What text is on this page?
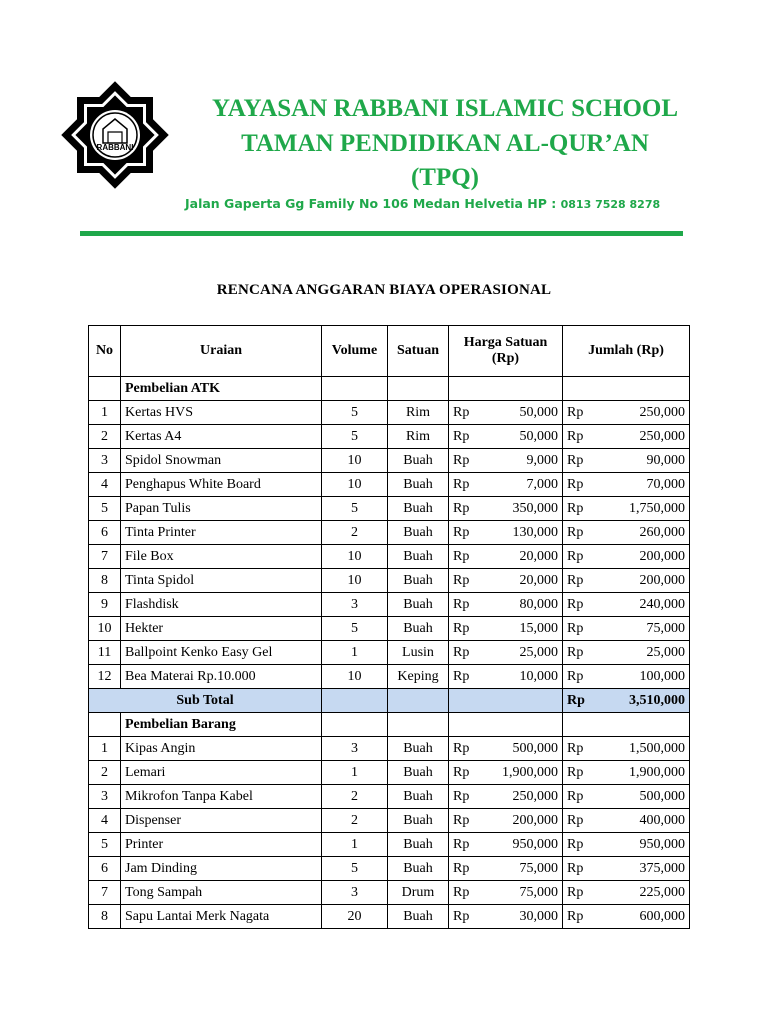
RABBANI
YAYASAN RABBANI ISLAMIC SCHOOL
TAMAN PENDIDIKAN AL-QUR’AN
(TPQ)
Jalan Gaperta Gg Family No 106 Medan Helvetia HP : 0813 7528 8278
RENCANA ANGGARAN BIAYA OPERASIONAL
No	Uraian	Volume	Satuan	Harga Satuan (Rp)	Jumlah (Rp)
	Pembelian ATK				
1	Kertas HVS	5	Rim	Rp 50,000	Rp 250,000

2	Kertas A4	5	Rim	Rp 50,000	Rp 250,000

3	Spidol Snowman	10	Buah	Rp 9,000	Rp 90,000

4	Penghapus White Board	10	Buah	Rp 7,000	Rp 70,000

5	Papan Tulis	5	Buah	Rp 350,000	Rp 1,750,000

6	Tinta Printer	2	Buah	Rp 130,000	Rp 260,000

7	File Box	10	Buah	Rp 20,000	Rp 200,000

8	Tinta Spidol	10	Buah	Rp 20,000	Rp 200,000

9	Flashdisk	3	Buah	Rp 80,000	Rp 240,000

10	Hekter	5	Buah	Rp 15,000	Rp 75,000

11	Ballpoint Kenko Easy Gel	1	Lusin	Rp 25,000	Rp 25,000

12	Bea Materai Rp.10.000	10	Keping	Rp 10,000	Rp 100,000

Sub Total					Rp 3,510,000

	Pembelian Barang				
1	Kipas Angin	3	Buah	Rp 500,000	Rp 1,500,000

2	Lemari	1	Buah	Rp 1,900,000	Rp 1,900,000

3	Mikrofon Tanpa Kabel	2	Buah	Rp 250,000	Rp 500,000

4	Dispenser	2	Buah	Rp 200,000	Rp 400,000

5	Printer	1	Buah	Rp 950,000	Rp 950,000

6	Jam Dinding	5	Buah	Rp 75,000	Rp 375,000

7	Tong Sampah	3	Drum	Rp 75,000	Rp 225,000

8	Sapu Lantai Merk Nagata	20	Buah	Rp 30,000	Rp 600,000
